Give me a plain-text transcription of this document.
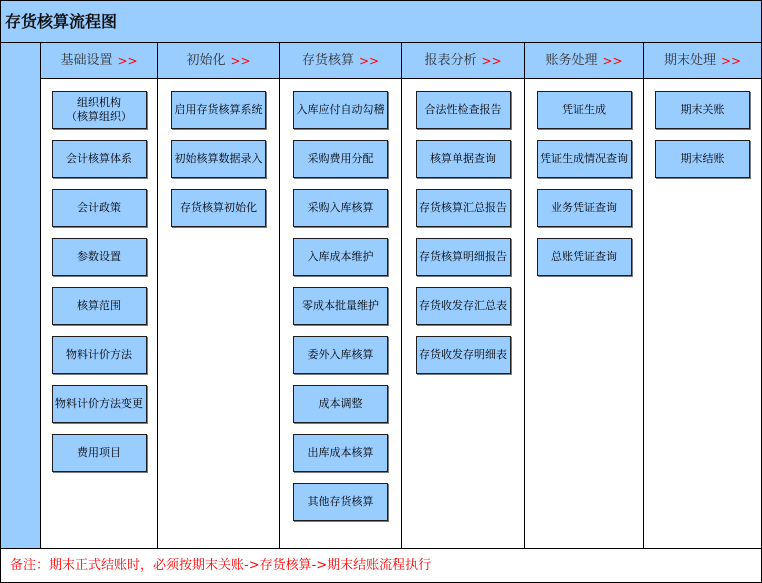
存货核算流程图
基础设置 >>
组织机构
（核算组织）
会计核算体系
会计政策
参数设置
核算范围
物料计价方法
物料计价方法变更
费用项目
初始化 >>
启用存货核算系统
初始核算数据录入
存货核算初始化
存货核算 >>
入库应付自动勾稽
采购费用分配
采购入库核算
入库成本维护
零成本批量维护
委外入库核算
成本调整
出库成本核算
其他存货核算
报表分析 >>
合法性检查报告
核算单据查询
存货核算汇总报告
存货核算明细报告
存货收发存汇总表
存货收发存明细表
账务处理 >>
凭证生成
凭证生成情况查询
业务凭证查询
总账凭证查询
期末处理 >>
期末关账
期末结账
备注：期末正式结账时，必须按期末关账->存货核算->期末结账流程执行
